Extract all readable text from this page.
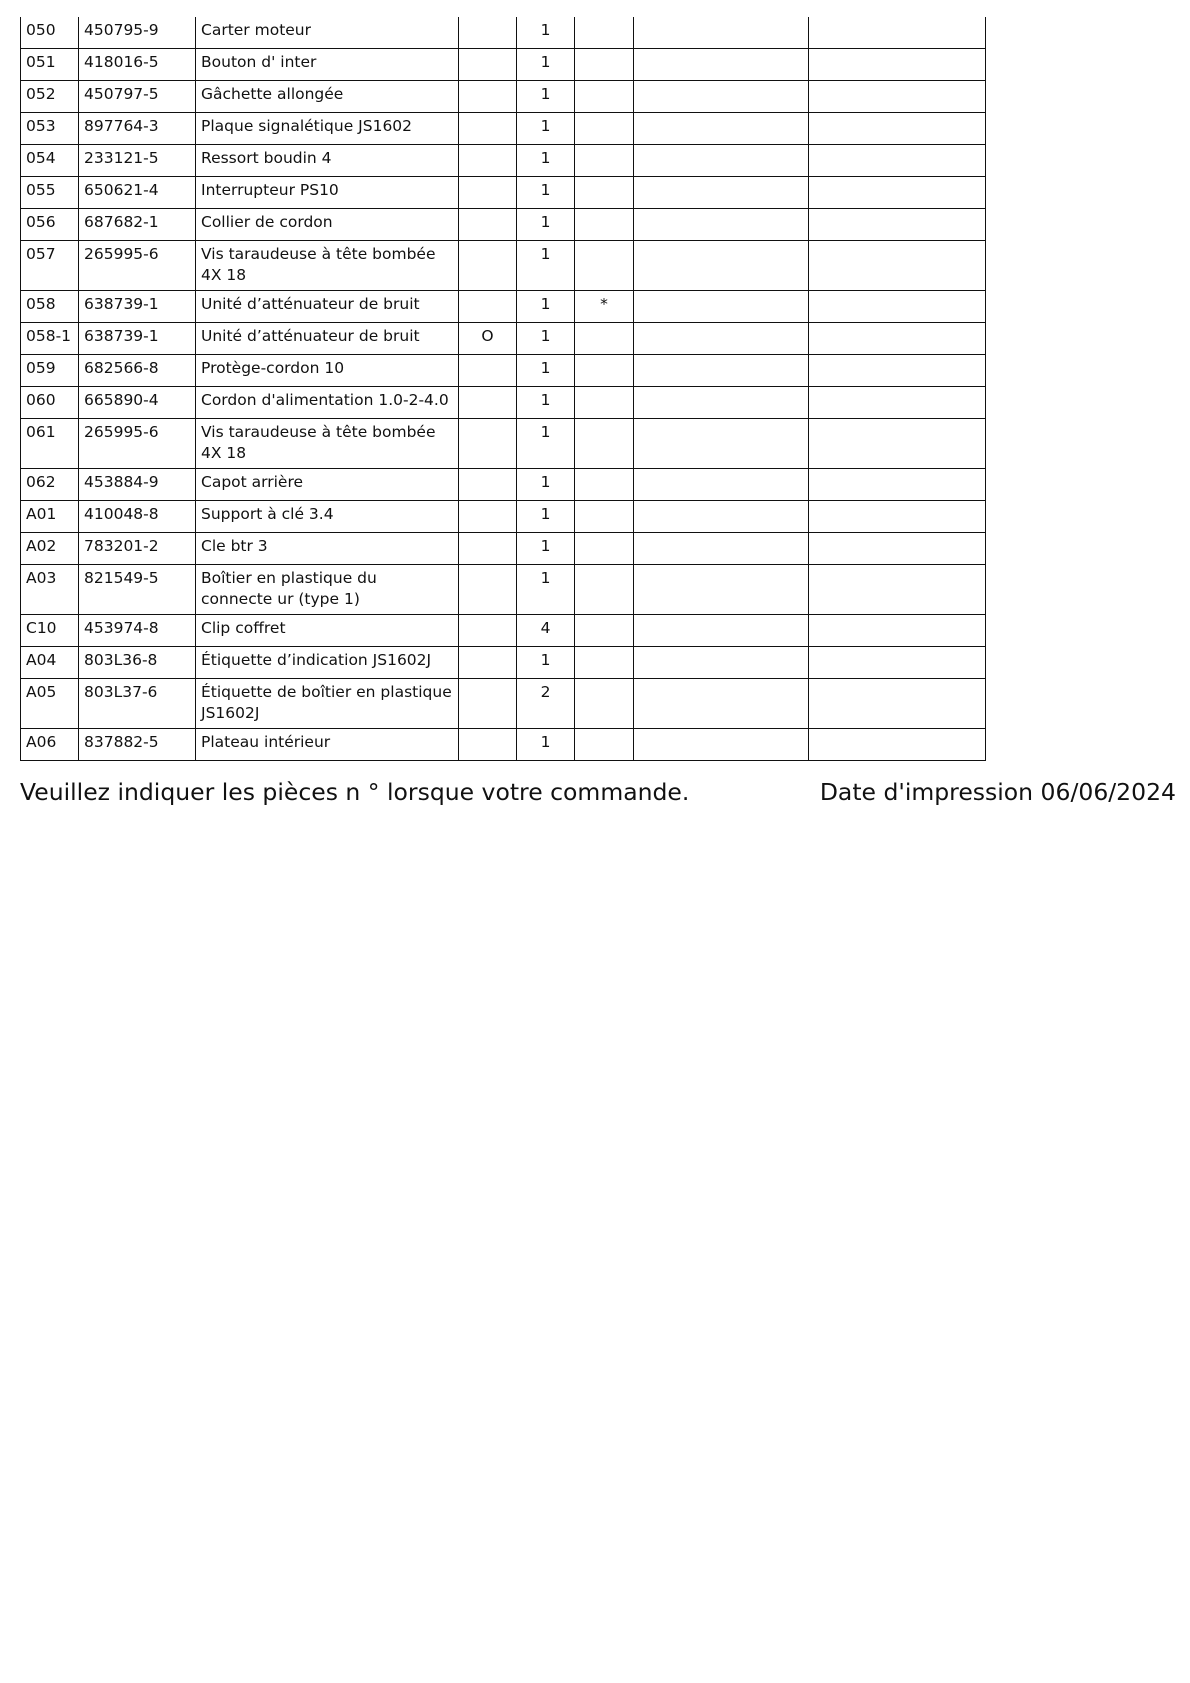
050	450795-9	Carter moteur		1			
051	418016-5	Bouton d' inter		1			
052	450797-5	Gâchette allongée		1			
053	897764-3	Plaque signalétique JS1602		1			
054	233121-5	Ressort boudin 4		1			
055	650621-4	Interrupteur PS10		1			
056	687682-1	Collier de cordon		1			
057	265995-6	Vis taraudeuse à tête bombée 4X 18		1			
058	638739-1	Unité d’atténuateur de bruit		1	*		
058-1	638739-1	Unité d’atténuateur de bruit	O	1			
059	682566-8	Protège-cordon 10		1			
060	665890-4	Cordon d'alimentation 1.0-2-4.0		1			
061	265995-6	Vis taraudeuse à tête bombée 4X 18		1			
062	453884-9	Capot arrière		1			
A01	410048-8	Support à clé 3.4		1			
A02	783201-2	Cle btr 3		1			
A03	821549-5	Boîtier en plastique du connecte ur (type 1)		1			
C10	453974-8	Clip coffret		4			
A04	803L36-8	Étiquette d’indication JS1602J		1			
A05	803L37-6	Étiquette de boîtier en plastique JS1602J		2			
A06	837882-5	Plateau intérieur		1			
Veuillez indiquer les pièces n ° lorsque votre commande.	Date d'impression 06/06/2024
